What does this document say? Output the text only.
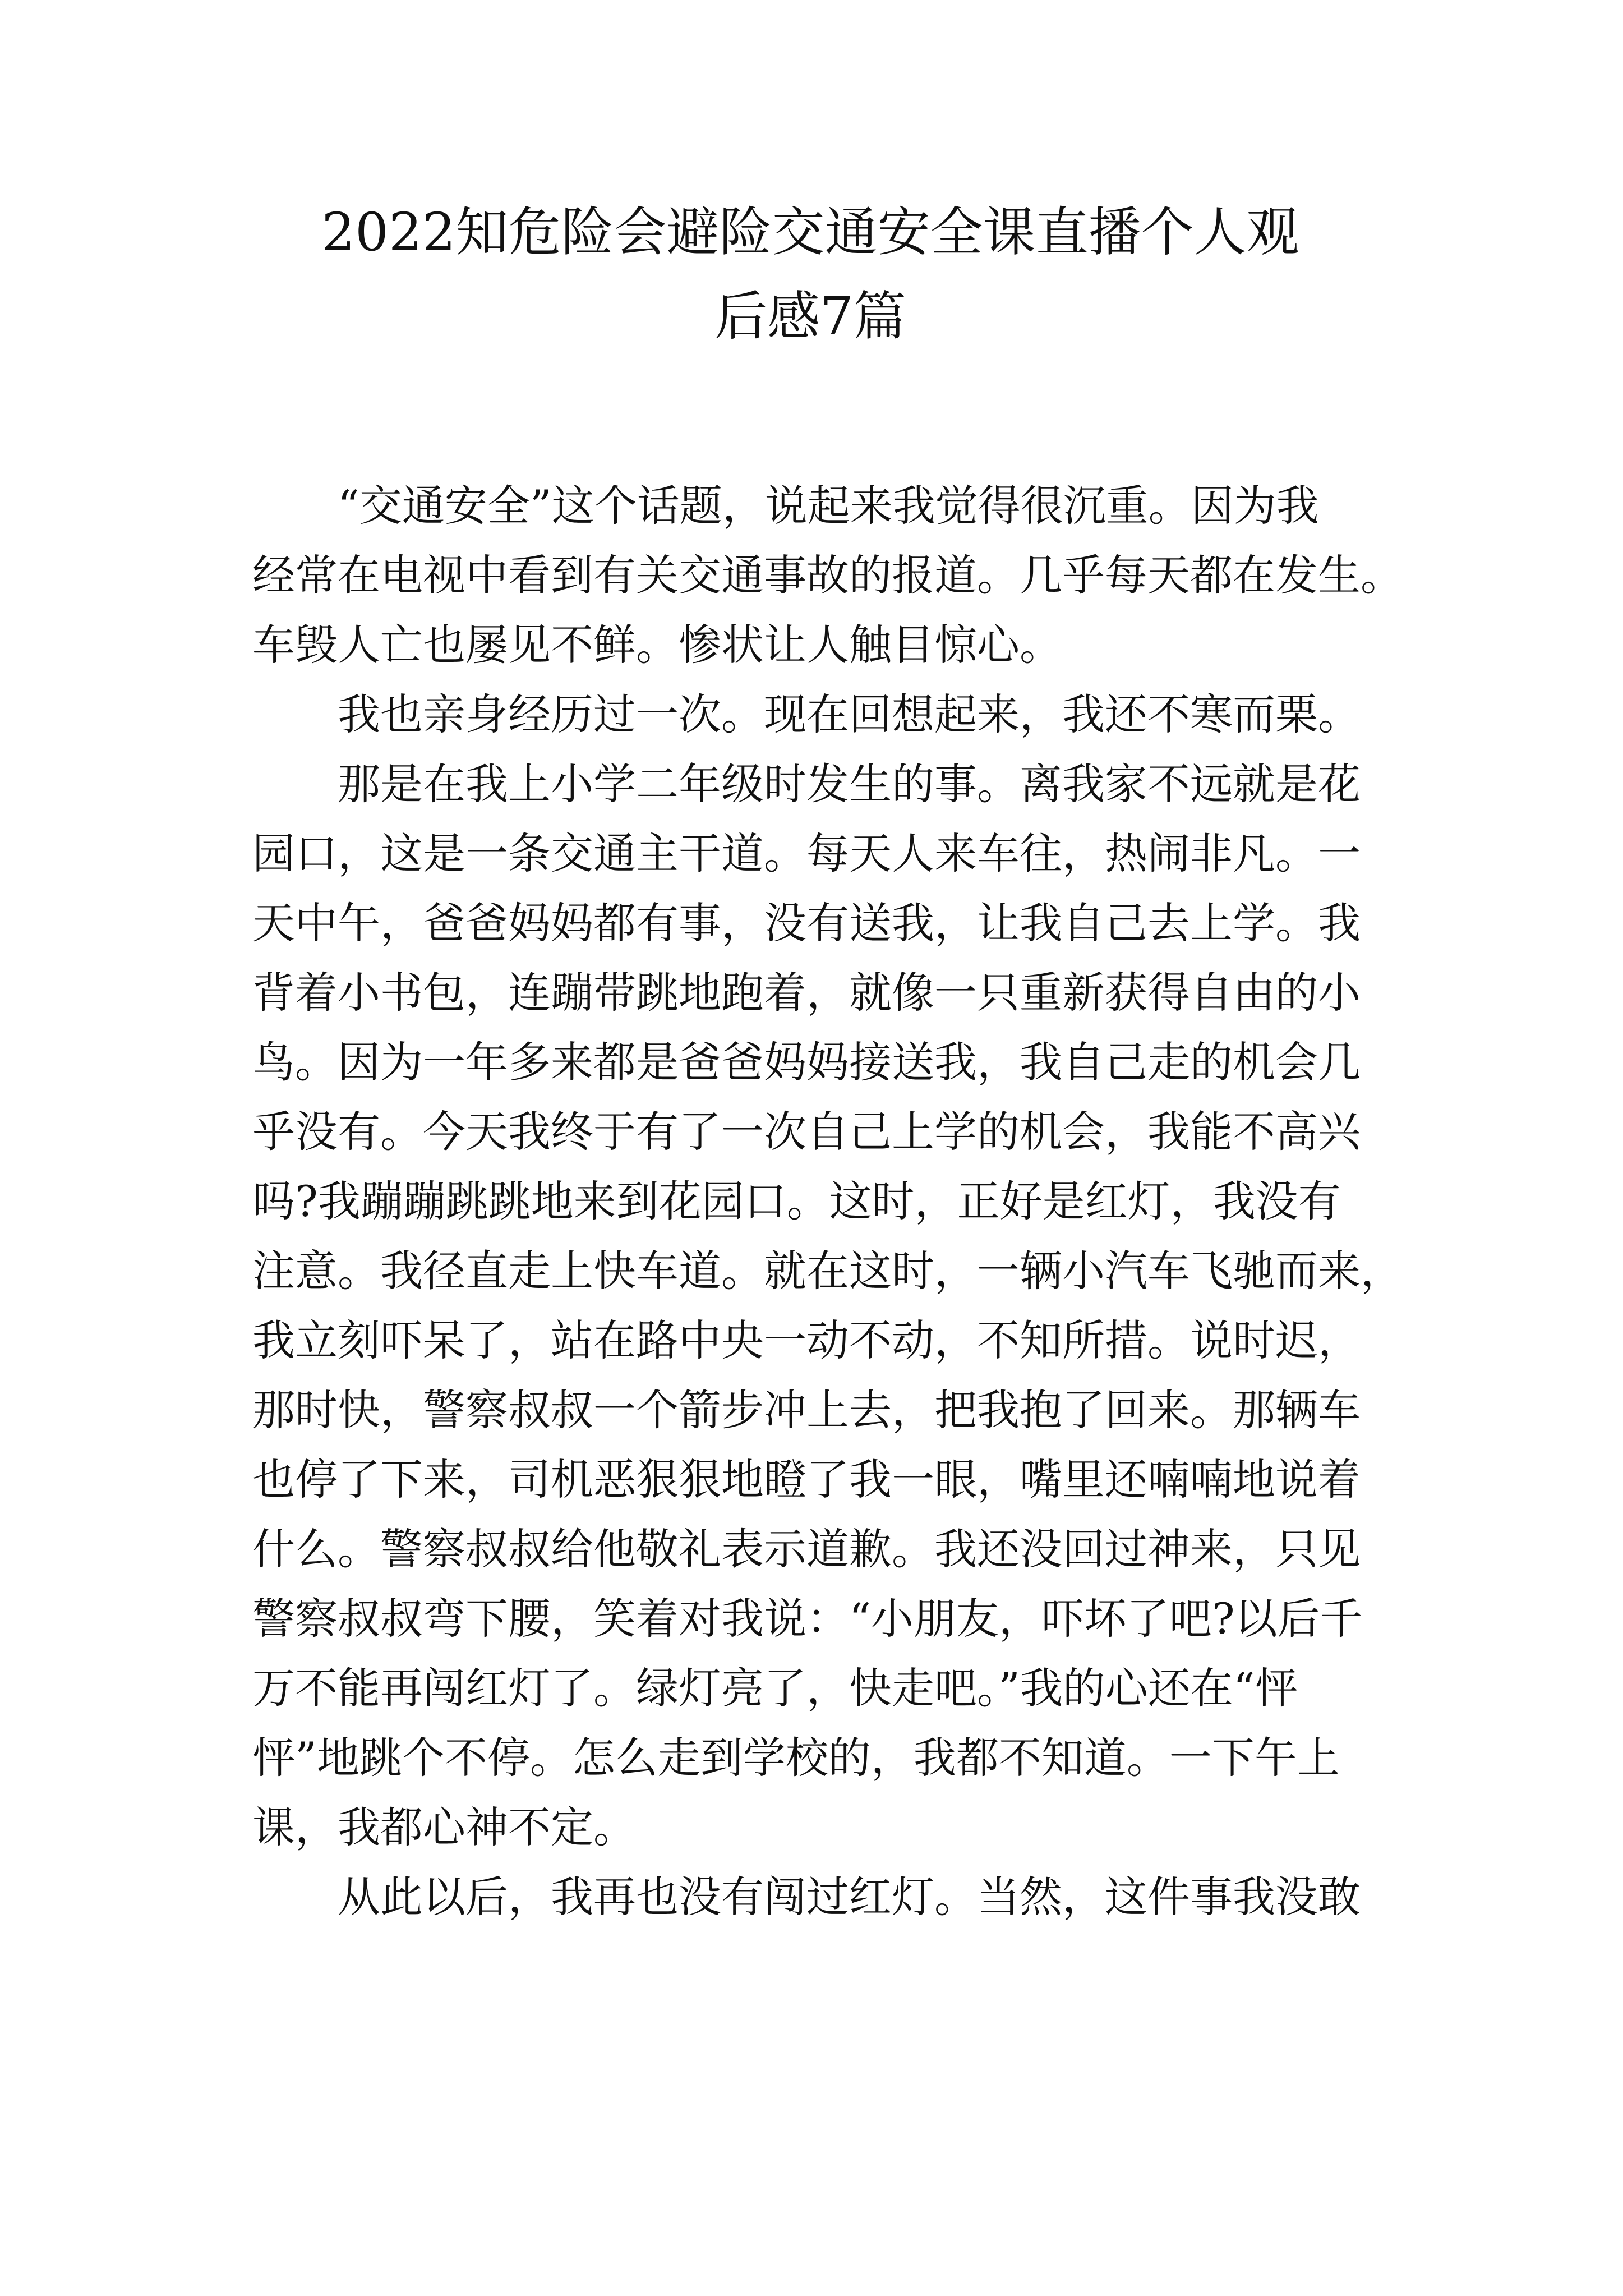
2022知危险会避险交通安全课直播个人观
后感7篇
“交通安全”这个话题，说起来我觉得很沉重。因为我
经常在电视中看到有关交通事故的报道。几乎每天都在发生。
车毁人亡也屡见不鲜。惨状让人触目惊心。
我也亲身经历过一次。现在回想起来，我还不寒而栗。
那是在我上小学二年级时发生的事。离我家不远就是花
园口，这是一条交通主干道。每天人来车往，热闹非凡。一
天中午，爸爸妈妈都有事，没有送我，让我自己去上学。我
背着小书包，连蹦带跳地跑着，就像一只重新获得自由的小
鸟。因为一年多来都是爸爸妈妈接送我，我自己走的机会几
乎没有。今天我终于有了一次自己上学的机会，我能不高兴
吗?我蹦蹦跳跳地来到花园口。这时，正好是红灯，我没有
注意。我径直走上快车道。就在这时，一辆小汽车飞驰而来，
我立刻吓呆了，站在路中央一动不动，不知所措。说时迟，
那时快，警察叔叔一个箭步冲上去，把我抱了回来。那辆车
也停了下来，司机恶狠狠地瞪了我一眼，嘴里还喃喃地说着
什么。警察叔叔给他敬礼表示道歉。我还没回过神来，只见
警察叔叔弯下腰，笑着对我说：“小朋友，吓坏了吧?以后千
万不能再闯红灯了。绿灯亮了，快走吧。”我的心还在“怦
怦”地跳个不停。怎么走到学校的，我都不知道。一下午上
课，我都心神不定。
从此以后，我再也没有闯过红灯。当然，这件事我没敢
